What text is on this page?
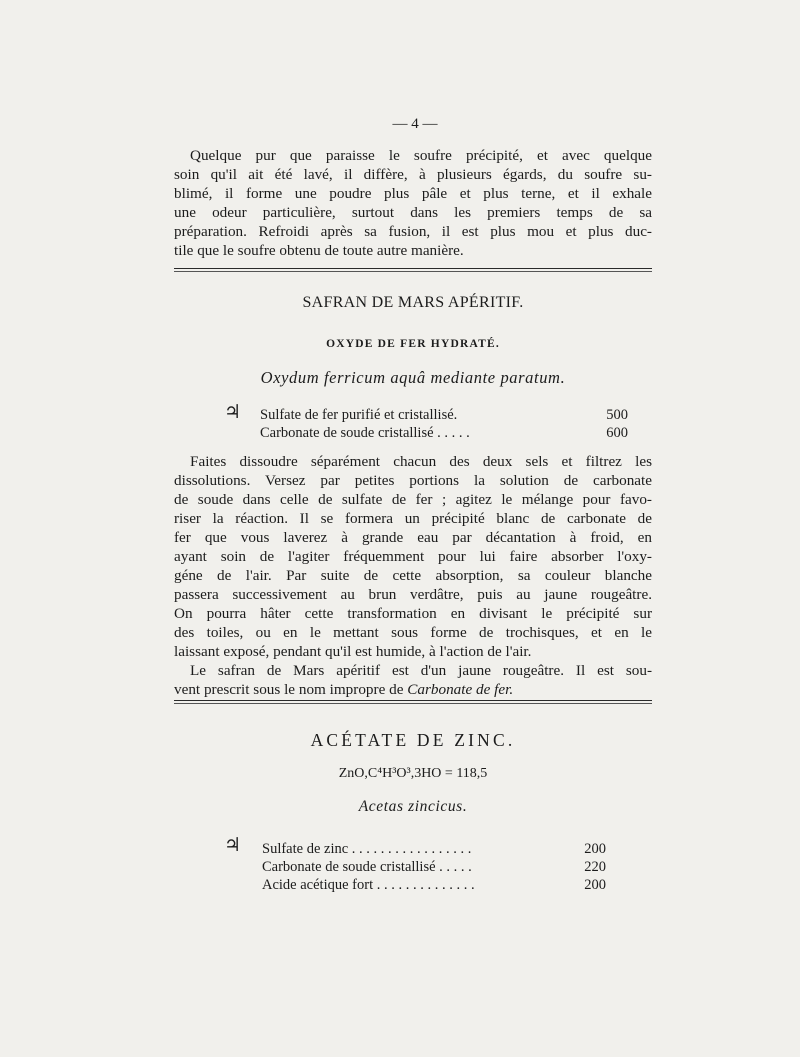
— 4 —

Quelque pur que paraisse le soufre précipité, et avec quelque
soin qu'il ait été lavé, il diffère, à plusieurs égards, du soufre su-
blimé, il forme une poudre plus pâle et plus terne, et il exhale
une odeur particulière, surtout dans les premiers temps de sa
préparation. Refroidi après sa fusion, il est plus mou et plus duc-
tile que le soufre obtenu de toute autre manière.

SAFRAN DE MARS APÉRITIF.
OXYDE DE FER HYDRATÉ.
Oxydum ferricum aquâ mediante paratum.
♃ Sulfate de fer purifié et cristallisé.	500
Carbonate de soude cristallisé . . . . .	600

Faites dissoudre séparément chacun des deux sels et filtrez les
dissolutions. Versez par petites portions la solution de carbonate
de soude dans celle de sulfate de fer ; agitez le mélange pour favo-
riser la réaction. Il se formera un précipité blanc de carbonate de
fer que vous laverez à grande eau par décantation à froid, en
ayant soin de l'agiter fréquemment pour lui faire absorber l'oxy-
géne de l'air. Par suite de cette absorption, sa couleur blanche
passera successivement au brun verdâtre, puis au jaune rougeâtre.
On pourra hâter cette transformation en divisant le précipité sur
des toiles, ou en le mettant sous forme de trochisques, et en le
laissant exposé, pendant qu'il est humide, à l'action de l'air.
Le safran de Mars apéritif est d'un jaune rougeâtre. Il est sou-
vent prescrit sous le nom impropre de Carbonate de fer.

ACÉTATE DE ZINC.
ZnO,C⁴H³O³,3HO = 118,5
Acetas zincicus.
♃ Sulfate de zinc . . . . . . . . . . . . . . . . .	200
Carbonate de soude cristallisé . . . . .	220
Acide acétique fort . . . . . . . . . . . . . .	200
